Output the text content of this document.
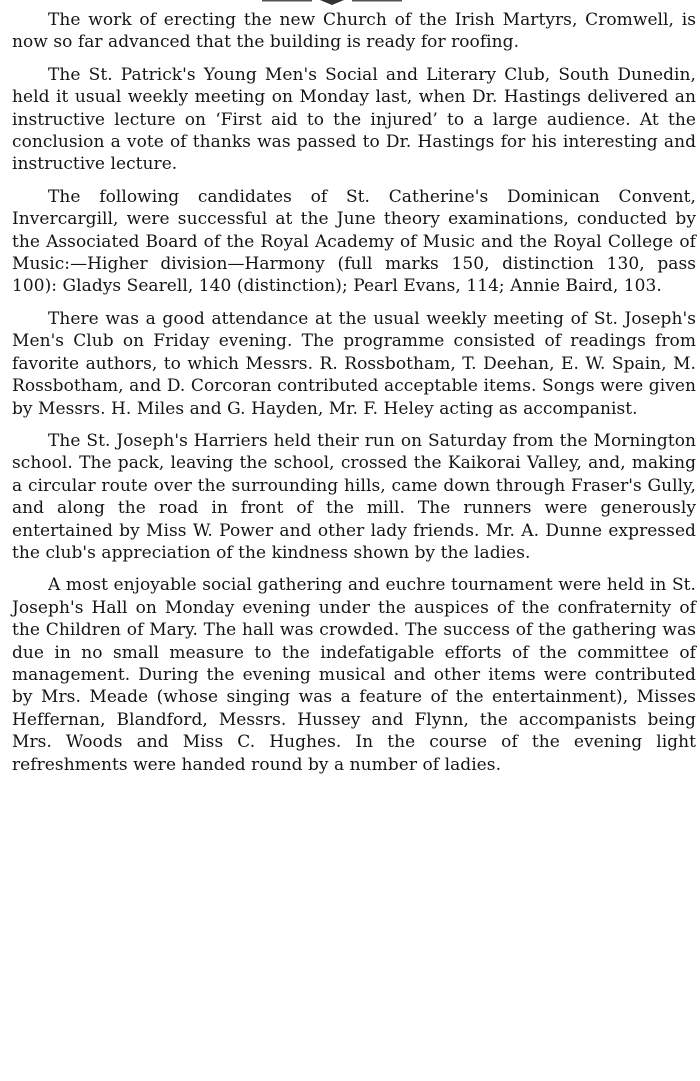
The work of erecting the new Church of the Irish Martyrs, Cromwell, is now so far advanced that the building is ready for roofing.

The St. Patrick's Young Men's Social and Literary Club, South Dunedin, held it usual weekly meeting on Monday last, when Dr. Hastings delivered an instructive lecture on ‘First aid to the injured’ to a large audience. At the conclusion a vote of thanks was passed to Dr. Hastings for his interesting and instructive lecture.

The following candidates of St. Catherine's Dominican Convent, Invercargill, were successful at the June theory examinations, conducted by the Associated Board of the Royal Academy of Music and the Royal College of Music:—Higher division—Harmony (full marks 150, distinction 130, pass 100): Gladys Searell, 140 (distinction); Pearl Evans, 114; Annie Baird, 103.

There was a good attendance at the usual weekly meeting of St. Joseph's Men's Club on Friday evening. The programme consisted of readings from favorite authors, to which Messrs. R. Rossbotham, T. Deehan, E. W. Spain, M. Rossbotham, and D. Corcoran contributed acceptable items. Songs were given by Messrs. H. Miles and G. Hayden, Mr. F. Heley acting as accompanist.

The St. Joseph's Harriers held their run on Saturday from the Mornington school. The pack, leaving the school, crossed the Kaikorai Valley, and, making a circular route over the surrounding hills, came down through Fraser's Gully, and along the road in front of the mill. The runners were generously entertained by Miss W. Power and other lady friends. Mr. A. Dunne expressed the club's appreciation of the kindness shown by the ladies.

A most enjoyable social gathering and euchre tournament were held in St. Joseph's Hall on Monday evening under the auspices of the confraternity of the Children of Mary. The hall was crowded. The success of the gathering was due in no small measure to the indefatigable efforts of the committee of management. During the evening musical and other items were contributed by Mrs. Meade (whose singing was a feature of the entertainment), Misses Heffernan, Blandford, Messrs. Hussey and Flynn, the accompanists being Mrs. Woods and Miss C. Hughes. In the course of the evening light refreshments were handed round by a number of ladies.
